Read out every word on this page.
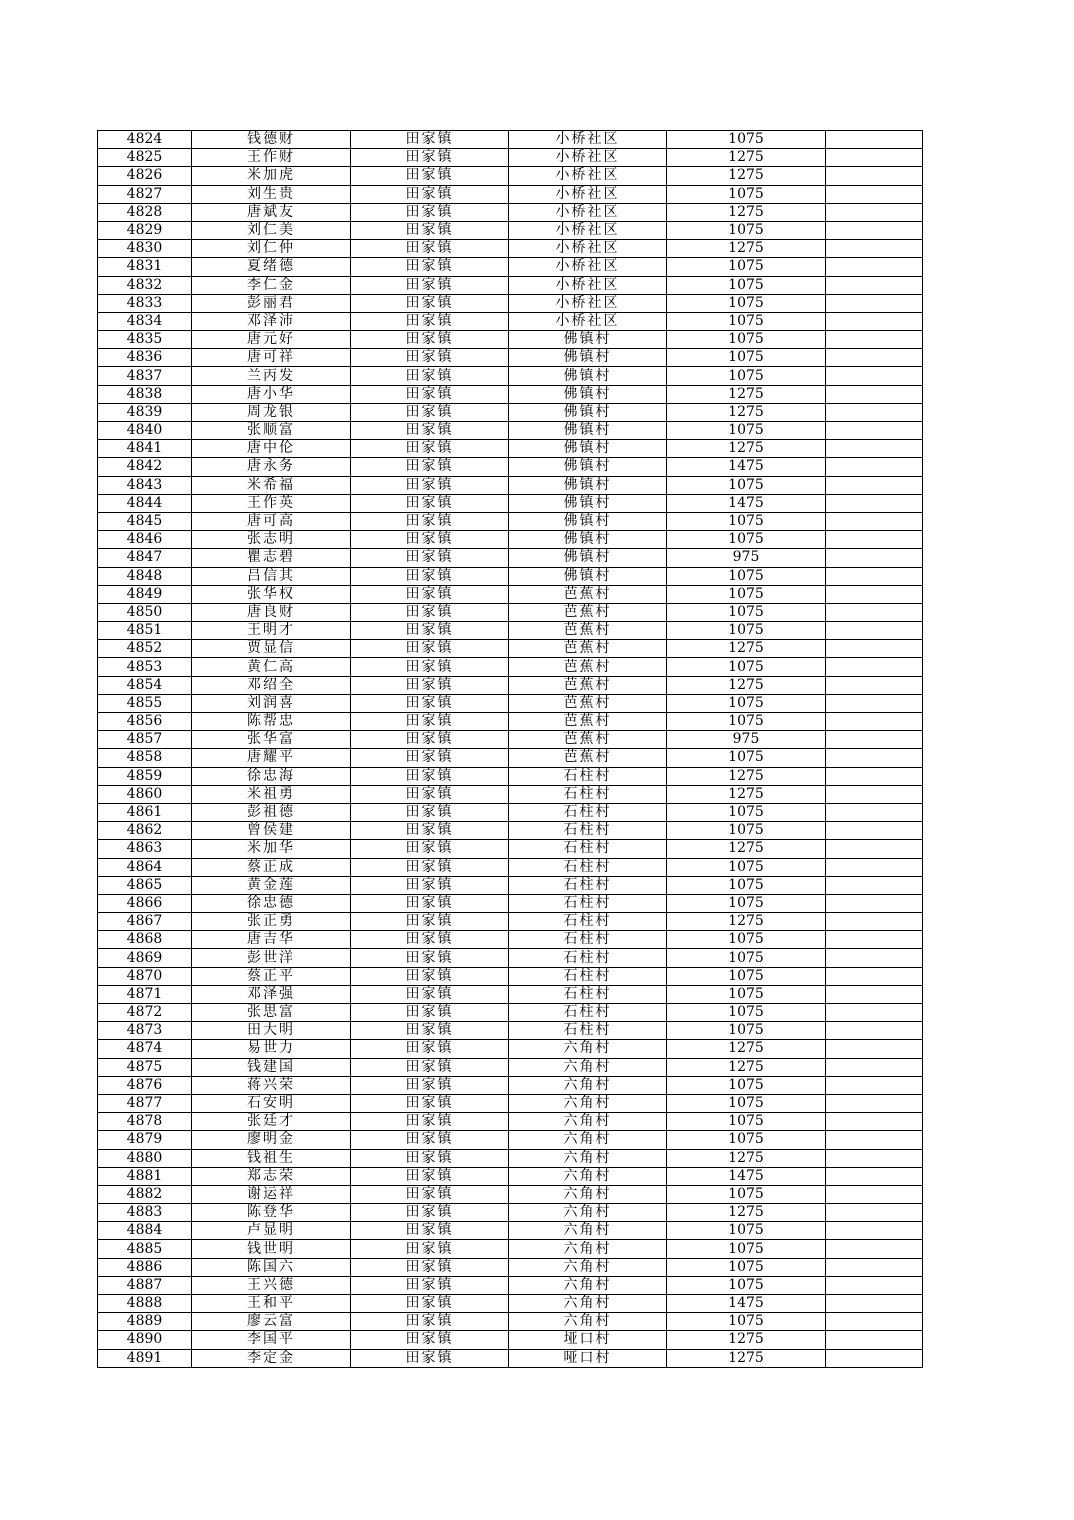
4824	钱德财	田家镇	小桥社区	1075	
4825	王作财	田家镇	小桥社区	1275	
4826	米加虎	田家镇	小桥社区	1275	
4827	刘生贵	田家镇	小桥社区	1075	
4828	唐斌友	田家镇	小桥社区	1275	
4829	刘仁美	田家镇	小桥社区	1075	
4830	刘仁仲	田家镇	小桥社区	1275	
4831	夏绪德	田家镇	小桥社区	1075	
4832	李仁金	田家镇	小桥社区	1075	
4833	彭丽君	田家镇	小桥社区	1075	
4834	邓泽沛	田家镇	小桥社区	1075	
4835	唐元好	田家镇	佛镇村	1075	
4836	唐可祥	田家镇	佛镇村	1075	
4837	兰丙发	田家镇	佛镇村	1075	
4838	唐小华	田家镇	佛镇村	1275	
4839	周龙银	田家镇	佛镇村	1275	
4840	张顺富	田家镇	佛镇村	1075	
4841	唐中伦	田家镇	佛镇村	1275	
4842	唐永务	田家镇	佛镇村	1475	
4843	米希福	田家镇	佛镇村	1075	
4844	王作英	田家镇	佛镇村	1475	
4845	唐可高	田家镇	佛镇村	1075	
4846	张志明	田家镇	佛镇村	1075	
4847	瞿志碧	田家镇	佛镇村	975	
4848	吕信其	田家镇	佛镇村	1075	
4849	张华权	田家镇	芭蕉村	1075	
4850	唐良财	田家镇	芭蕉村	1075	
4851	王明才	田家镇	芭蕉村	1075	
4852	贾显信	田家镇	芭蕉村	1275	
4853	黄仁高	田家镇	芭蕉村	1075	
4854	邓绍全	田家镇	芭蕉村	1275	
4855	刘润喜	田家镇	芭蕉村	1075	
4856	陈帮忠	田家镇	芭蕉村	1075	
4857	张华富	田家镇	芭蕉村	975	
4858	唐耀平	田家镇	芭蕉村	1075	
4859	徐忠海	田家镇	石柱村	1275	
4860	米祖勇	田家镇	石柱村	1275	
4861	彭祖德	田家镇	石柱村	1075	
4862	曾侯建	田家镇	石柱村	1075	
4863	米加华	田家镇	石柱村	1275	
4864	蔡正成	田家镇	石柱村	1075	
4865	黄金莲	田家镇	石柱村	1075	
4866	徐忠德	田家镇	石柱村	1075	
4867	张正勇	田家镇	石柱村	1275	
4868	唐吉华	田家镇	石柱村	1075	
4869	彭世洋	田家镇	石柱村	1075	
4870	蔡正平	田家镇	石柱村	1075	
4871	邓泽强	田家镇	石柱村	1075	
4872	张思富	田家镇	石柱村	1075	
4873	田大明	田家镇	石柱村	1075	
4874	易世力	田家镇	六角村	1275	
4875	钱建国	田家镇	六角村	1275	
4876	蒋兴荣	田家镇	六角村	1075	
4877	石安明	田家镇	六角村	1075	
4878	张廷才	田家镇	六角村	1075	
4879	廖明金	田家镇	六角村	1075	
4880	钱祖生	田家镇	六角村	1275	
4881	郑志荣	田家镇	六角村	1475	
4882	谢运祥	田家镇	六角村	1075	
4883	陈登华	田家镇	六角村	1275	
4884	卢显明	田家镇	六角村	1075	
4885	钱世明	田家镇	六角村	1075	
4886	陈国六	田家镇	六角村	1075	
4887	王兴德	田家镇	六角村	1075	
4888	王和平	田家镇	六角村	1475	
4889	廖云富	田家镇	六角村	1075	
4890	李国平	田家镇	垭口村	1275	
4891	李定金	田家镇	哑口村	1275	
